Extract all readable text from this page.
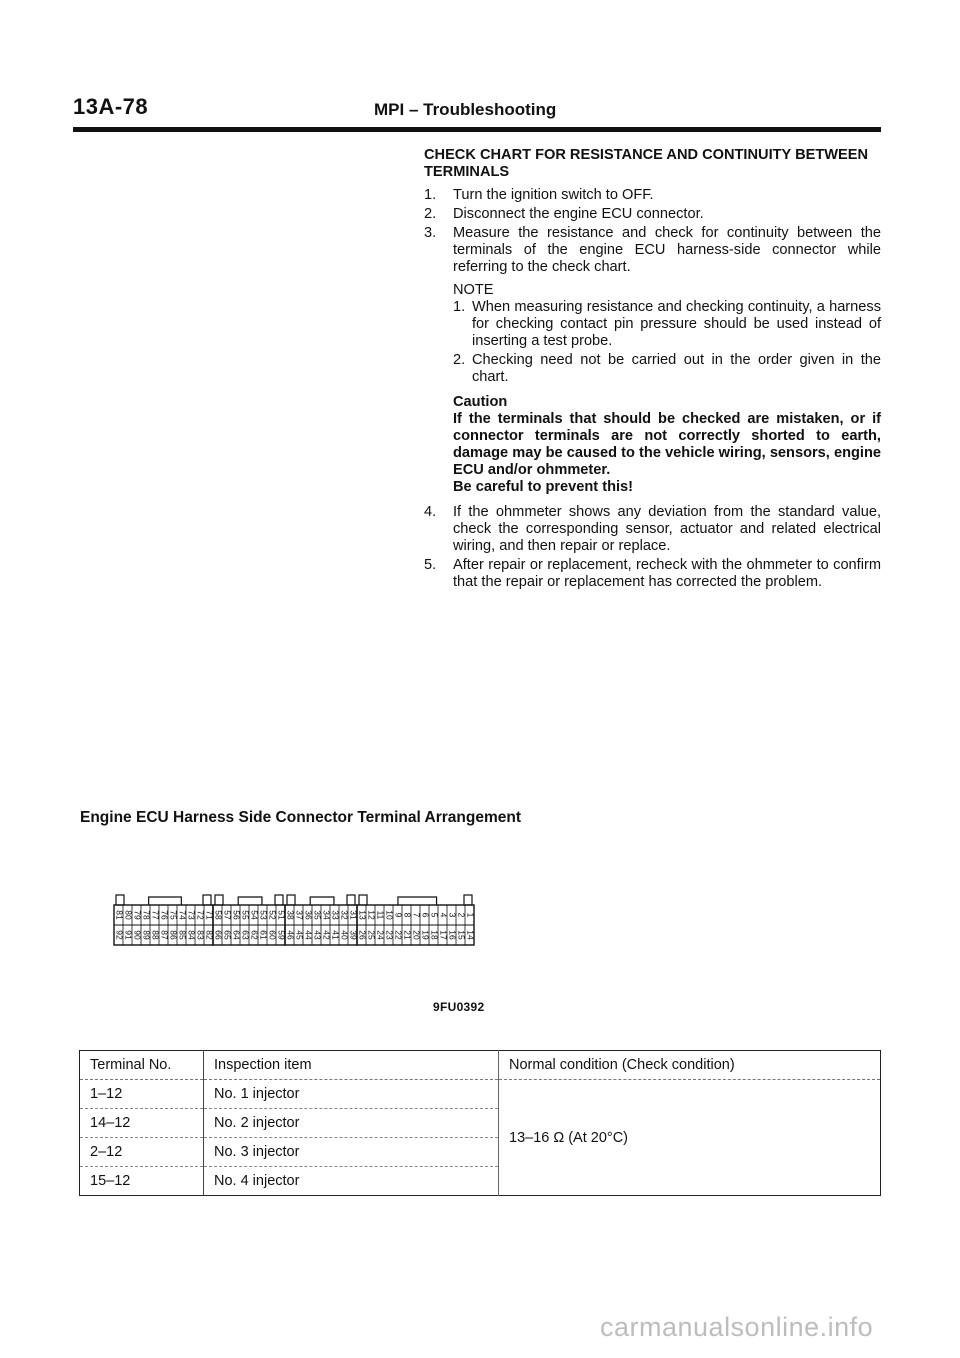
13A-78	MPI – Troubleshooting
CHECK CHART FOR RESISTANCE AND CONTINUITY BETWEEN TERMINALS
1.	Turn the ignition switch to OFF.
2.	Disconnect the engine ECU connector.
3.	Measure the resistance and check for continuity between the terminals of the engine ECU harness-side connector while referring to the check chart.
NOTE
1. When measuring resistance and checking continuity, a harness for checking contact pin pressure should be used instead of inserting a test probe.
2. Checking need not be carried out in the order given in the chart.
Caution
If the terminals that should be checked are mistaken, or if connector terminals are not correctly shorted to earth, damage may be caused to the vehicle wiring, sensors, engine ECU and/or ohmmeter.
Be careful to prevent this!
4.	If the ohmmeter shows any deviation from the standard value, check the corresponding sensor, actuator and related electrical wiring, and then repair or replace.
5.	After repair or replacement, recheck with the ohmmeter to confirm that the repair or replacement has corrected the problem.
Engine ECU Harness Side Connector Terminal Arrangement
81 80 79 78 77 76 75 74 73 72 71
92 91 90 89 88 87 86 85 84 83 82
58 57 56 55 54 53 52 51
66 65 64 63 62 61 60 59
38 37 36 35 34 33 32 31
46 45 44 43 42 41 40 39
13 12 11 10 9 8 7 6 5 4 3 2 1
26 25 24 23 22 21 20 19 18 17 16 15 14
9FU0392
Terminal No.	Inspection item	Normal condition (Check condition)
1–12	No. 1 injector	13–16 Ω (At 20°C)
14–12	No. 2 injector	
2–12	No. 3 injector	
15–12	No. 4 injector	
carmanualsonline.info
